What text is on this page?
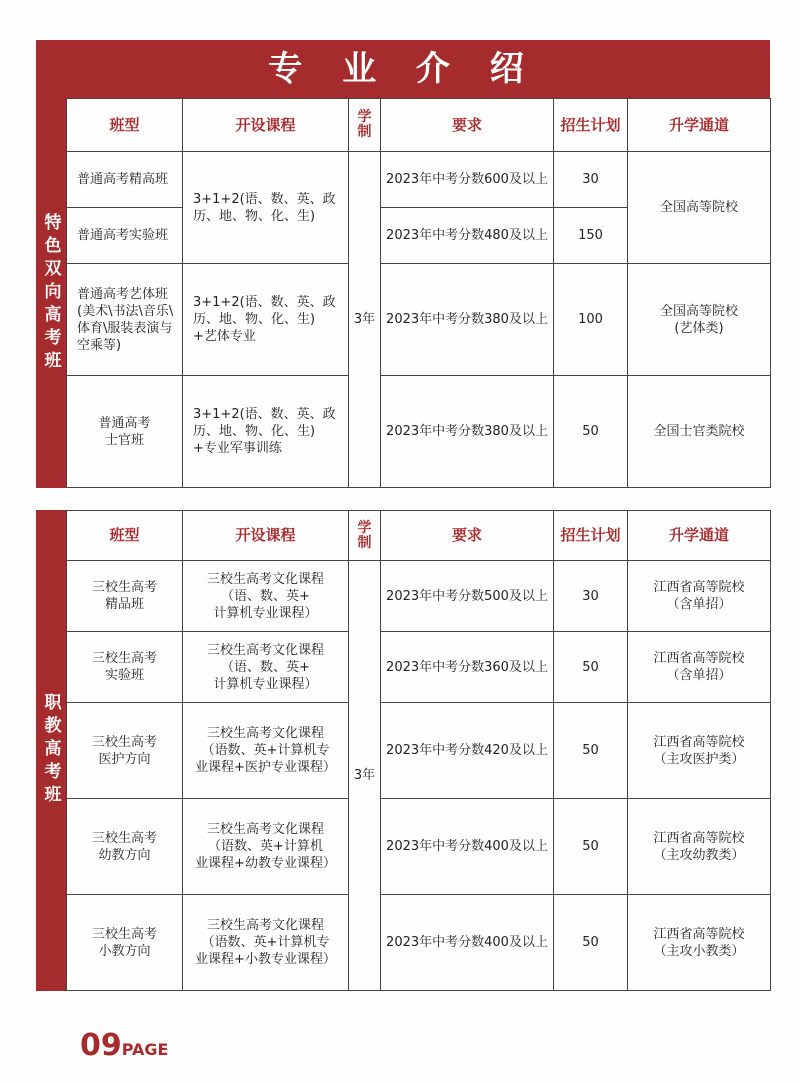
专 业 介 绍
特色双向高考班
班型	开设课程	学
制	要求	招生计划	升学通道
普通高考精高班	3+1+2(语、数、英、政
历、地、物、化、生)	3年	2023年中考分数600及以上	30	全国高等院校
普通高考实验班			2023年中考分数480及以上	150	
普通高考艺体班
(美术\书法\音乐\
体育\服装表演与
空乘等)	3+1+2(语、数、英、政
历、地、物、化、生)
+艺体专业		2023年中考分数380及以上	100	全国高等院校
(艺体类)
普通高考
士官班	3+1+2(语、数、英、政
历、地、物、化、生)
+专业军事训练		2023年中考分数380及以上	50	全国士官类院校
职教高考班
班型	开设课程	学
制	要求	招生计划	升学通道
三校生高考
精品班	三校生高考文化课程
（语、数、英+
计算机专业课程）	3年	2023年中考分数500及以上	30	江西省高等院校
（含单招）
三校生高考
实验班	三校生高考文化课程
（语、数、英+
计算机专业课程）		2023年中考分数360及以上	50	江西省高等院校
（含单招）
三校生高考
医护方向	三校生高考文化课程
（语数、英+计算机专
业课程+医护专业课程）		2023年中考分数420及以上	50	江西省高等院校
（主攻医护类）
三校生高考
幼教方向	三校生高考文化课程
（语数、英+计算机
业课程+幼教专业课程）		2023年中考分数400及以上	50	江西省高等院校
（主攻幼教类）
三校生高考
小教方向	三校生高考文化课程
（语数、英+计算机专
业课程+小教专业课程）		2023年中考分数400及以上	50	江西省高等院校
（主攻小教类）
09PAGE
